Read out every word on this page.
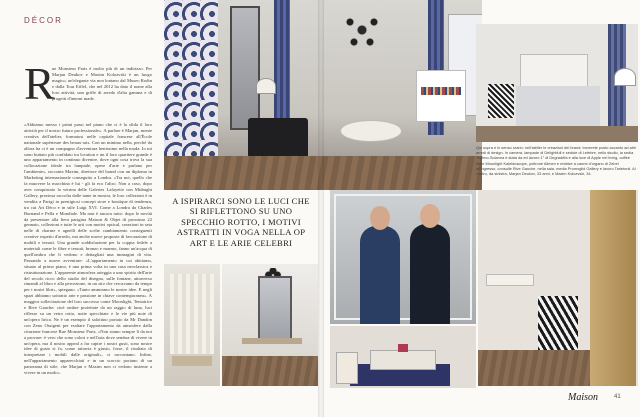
DÉCOR
R
ue Monsieur Paris è molto più di un indirizzo. Per Marjan Deukov e Maxim Kolozvski è un luogo magico, un'elegante via non lontano dal Museo Rodin e dalla Tour Eiffel, che nel 2012 ha dato il nome alla loro attività, una griffe di arredo d'alta gamma e di progetti d'interni made.
«Abbiamo messo i primi passi nel piano che ci è la sfida il loro attività per il nostro futuro professionale». A parlare è Marjan, mente creativa dell'atelier, formatosi nelle capitale francese all'École nationale supérieure des beaux-arts. Con un minimo nella, perché da allora ha ci è un compagno d'avventura benissimo nella moda. Io mi sono buttato più confidato tra location e un il loro quartiere grande è uno appartamento in continuo divenire, dove ogni cosa trova la sua collocazione ideale tra lampade, opere d'arte e parlano per l'ambiente», racconta Maxim, direttore del brand con un diploma in Marketing internazionale conseguito a Londra. «Tra noi, quello che fa muovere la macchina è lui - gli fa eco l'altro. Non a caso, dopo aver conquistato la vetrina delle Galeries Lafayette con Midnight Gallery, preziosa raccolta dalle tante in mostra, le loro collezioni è in vendita a Parigi in prestigiosi concept store e boutique di tendenza, tra cui Art Déco e in stile Luigi XVI. Come a Londra da Charles Burnand e Pella e Mondiale. Ma non è ancora tutto: dopo le novità da presentare alla fiera parigina Maison & Objet di prossimo 22 gennaio, collezioni e tutte le arti con motivi optical, creazioni in seta nelle di charme e agnelli delle scelte cambiamento conseguenti creative rispetto d'arredo, ma anche nuove proposte di lavorazione di mobili e tessuti. Una grande soddisfazione per la coppia fedele a materiali come le fibre e tessuti, bronzo e marmo, fanno un'acqua di quell'ombra che li vedono e dettagliati una immagini di vita. Passando a nuove avventure: «L'appartamento in cui abitiamo, situato al primo piano, è una prima volta in una casa neoclassica e ristrutturazione. L'apparente atmosfera arieggia a uno spirito dell'arte del secolo ricco dello studio del disegno, sulle fontane, attraverso rimandi al libro e alla percezione, in un sito che cercavamo da tempo per i nostri libri», spiegano. «Tanto ammirano le nostre idee. E negli spazi abbiamo sottratto arte e passione in chiave contemporanea». A maggior sollecitazione del loro successo come Moonlight, Tentatrice e Rive Gauche: cioè ombre proiettate da un raggio di luna, luci riflesse su un vetro rotto, notte specchiate e le vie più note di un'opera lirica. Ne è un esempio il salottino portato da Mr Dandon con Zeno Ossigeni per esaltare l'appartamento da atmosfere dalla citazione francese Rue Monsieur Paris. «Non siamo sempre lì da noi a provare: è vero che sono colori e nell'aria dove sembra di vivere in un'opera, ma il nostro appeal a far capire i nostri gusti, sono nostre idee di gusto si fa, come tuttavia è giusto, forse, il risultato di interpretare i mobili dalle originali», ci raccontano. Infine, nell'appartamento apparecchiati e in un scorcio portano di un panorama di stile, che Marjan e Maxim non ci vedono insieme a vivere in un modo».
A ISPIRARCI SONO LE LUCI CHE SI RIFLETTONO SU UNO SPECCHIO ROTTO, I MOTIVI ASTRATTI IN VOGA NELLA OP ART E LE ARIE CELEBRI
Qui sopra e in senso orario: nell'atelier le creazioni dei brand; troverete posto accanto ad altri arredi di design. In camera, lampade di Delightfull e sedute di Lefebre, nello studio, la sedia Techno-Solanna è stata da ed lavoro 1° di Degradéfa e alla luce di Apple nel living, coffee table Moonlight Kaleidoscope, poltrone Allmen e relative a canne d'organo di Zebel all'ingresso, consolle Rive Gauche, nella sala, media Promoglid Gallery e lavoro Tarletonii. Al centro, da sinistra, Marjan Deukov, 33 anni, e Maxim Kolozvski, 34.
Maison	41
